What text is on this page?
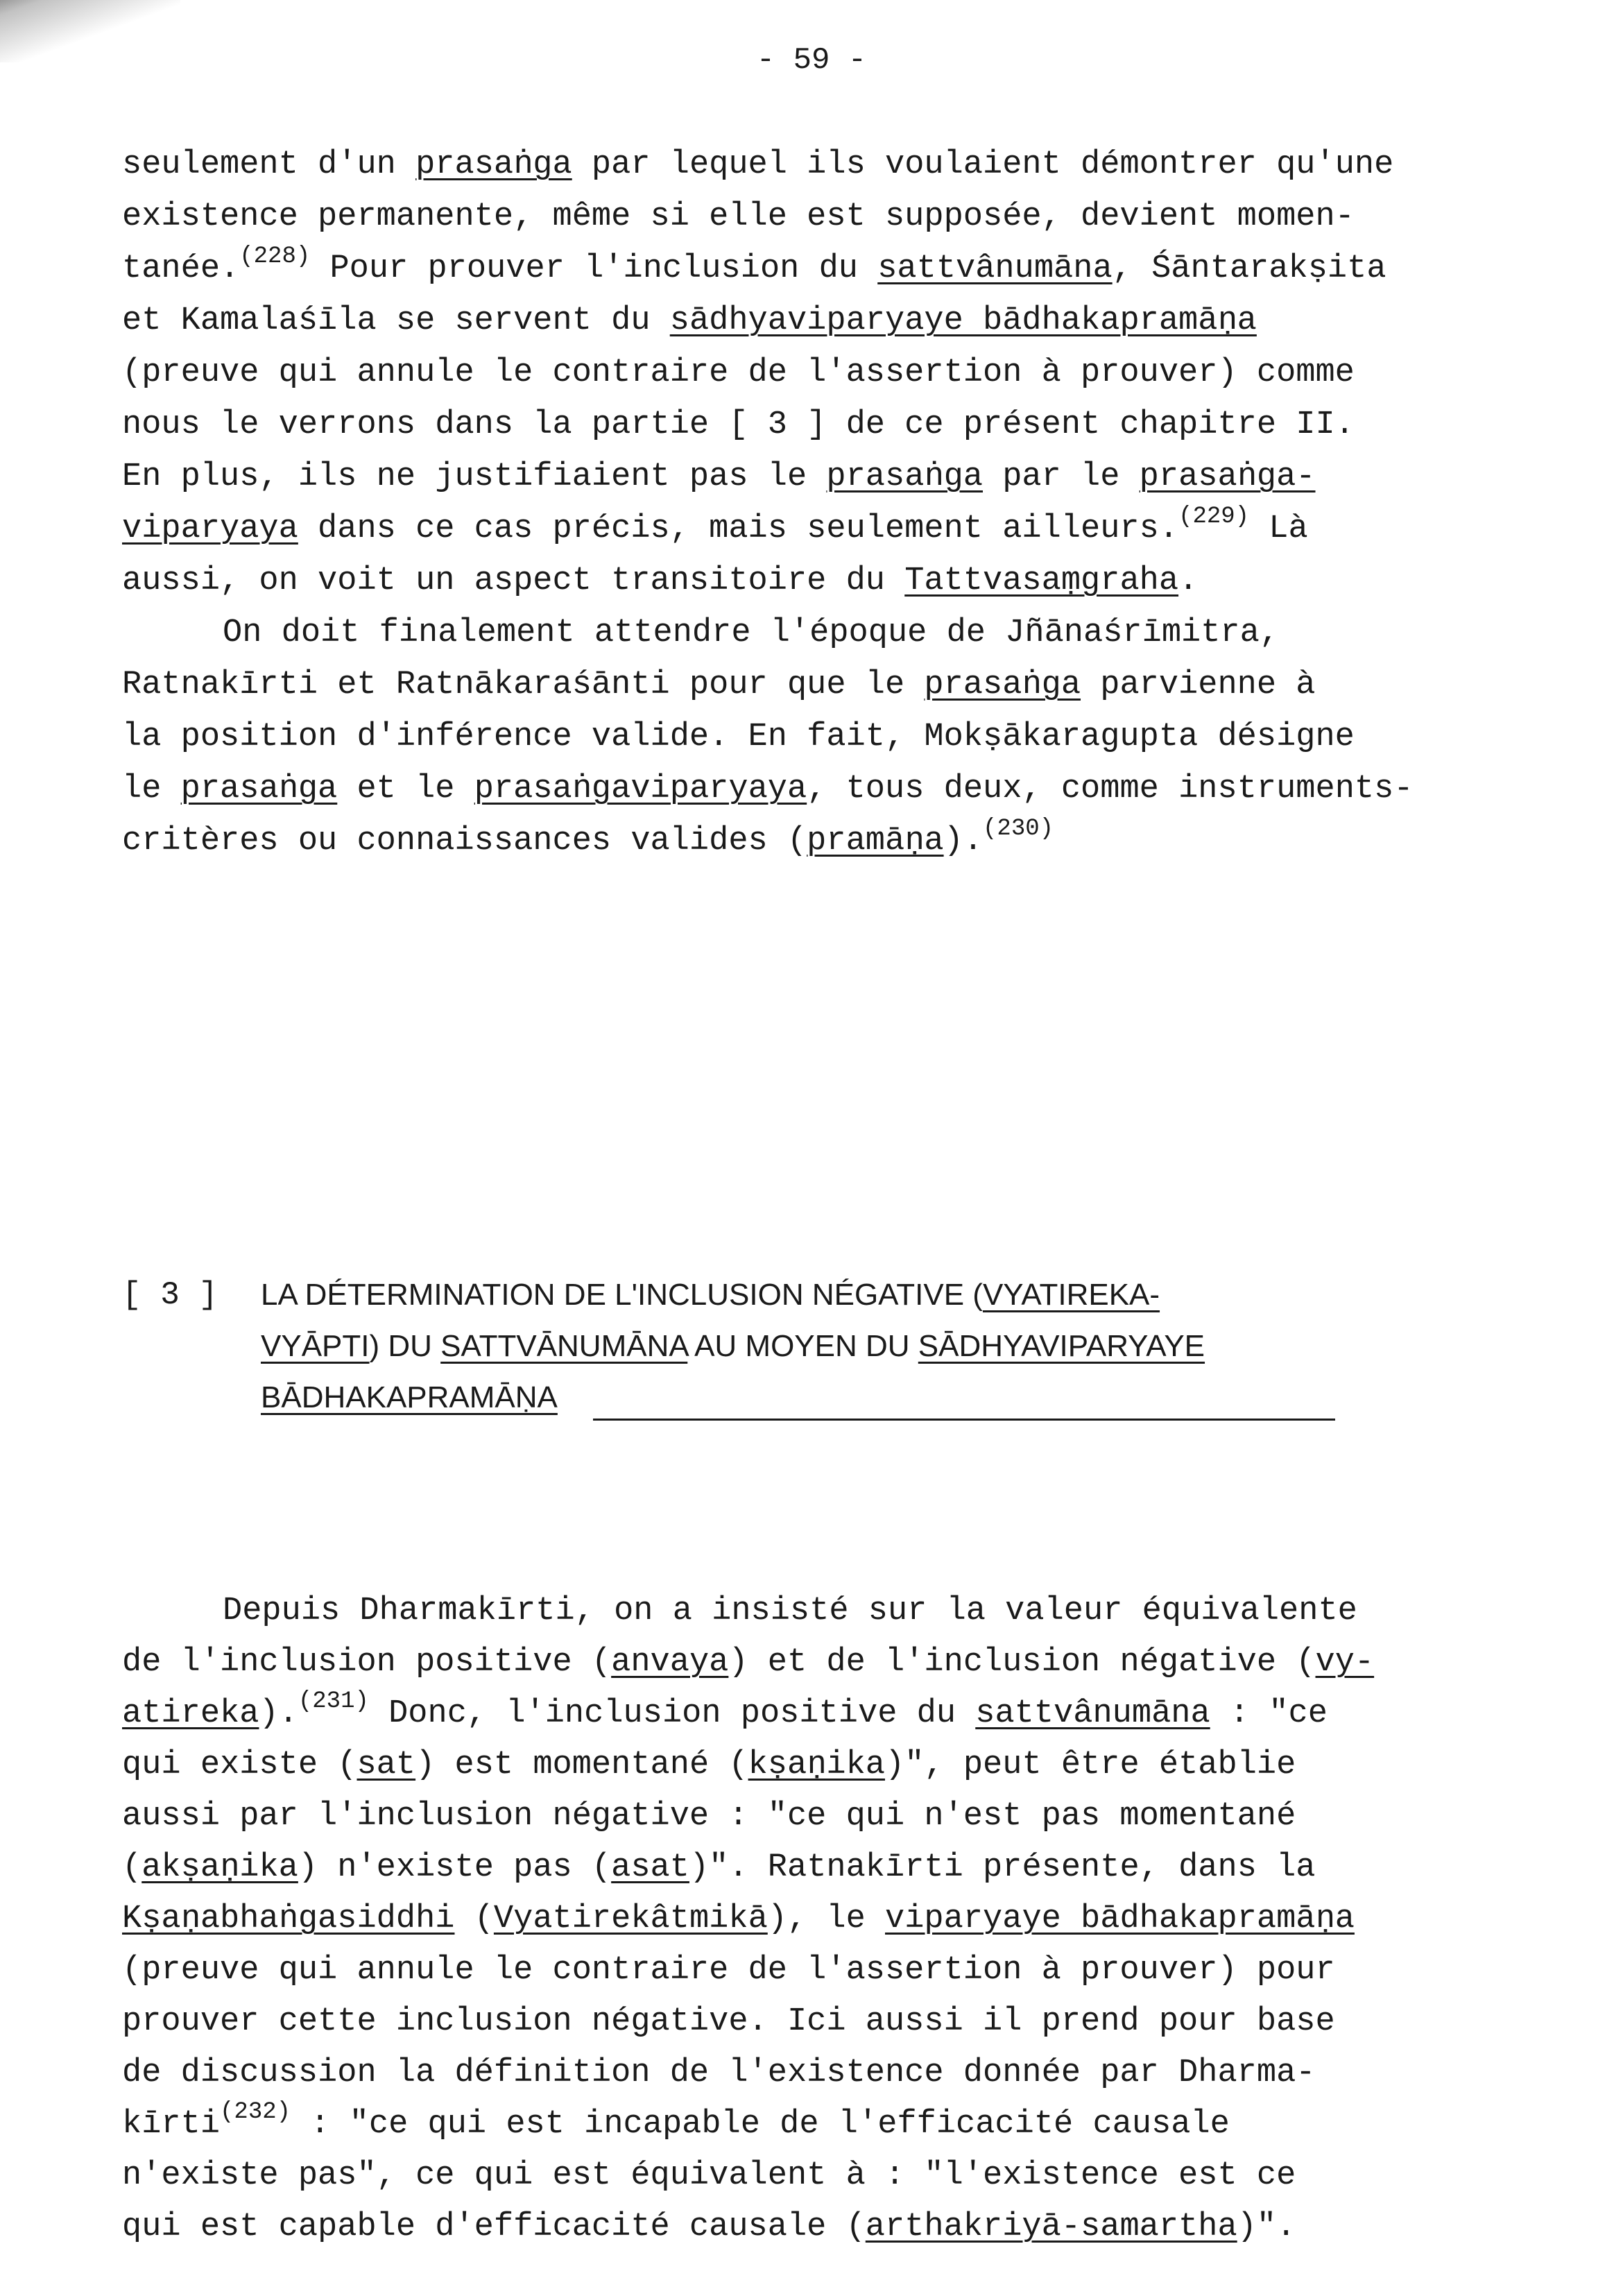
- 59 -
seulement d'un prasaṅga par lequel ils voulaient démontrer qu'une
existence permanente, même si elle est supposée, devient momen-
tanée.$^{(228)}$ Pour prouver l'inclusion du sattvânumāna, Śāntarakṣita
et Kamalaśīla se servent du sādhyaviparyaye bādhakapramāṇa
(preuve qui annule le contraire de l'assertion à prouver) comme
nous le verrons dans la partie [ 3 ] de ce présent chapitre II.
En plus, ils ne justifiaient pas le prasaṅga par le prasaṅga-
viparyaya dans ce cas précis, mais seulement ailleurs.$^{(229)}$ Là
aussi, on voit un aspect transitoire du Tattvasaṃgraha.
On doit finalement attendre l'époque de Jñānaśrīmitra,
Ratnakīrti et Ratnākaraśānti pour que le prasaṅga parvienne à
la position d'inférence valide. En fait, Mokṣākaragupta désigne
le prasaṅga et le prasaṅgaviparyaya, tous deux, comme instruments-
critères ou connaissances valides (pramāṇa).$^{(230)}$
[ 3 ] LA DÉTERMINATION DE L'INCLUSION NÉGATIVE (VYATIREKA-
VYĀPTI) DU SATTVĀNUMĀNA AU MOYEN DU SĀDHYAVIPARYAYE
BĀDHAKAPRAMĀṆA
Depuis Dharmakīrti, on a insisté sur la valeur équivalente
de l'inclusion positive (anvaya) et de l'inclusion négative (vy-
atireka).$^{(231)}$ Donc, l'inclusion positive du sattvânumāna : "ce
qui existe (sat) est momentané (kṣaṇika)", peut être établie
aussi par l'inclusion négative : "ce qui n'est pas momentané
(akṣaṇika) n'existe pas (asat)". Ratnakīrti présente, dans la
Kṣaṇabhaṅgasiddhi (Vyatirekâtmikā), le viparyaye bādhakapramāṇa
(preuve qui annule le contraire de l'assertion à prouver) pour
prouver cette inclusion négative. Ici aussi il prend pour base
de discussion la définition de l'existence donnée par Dharma-
kīrti$^{(232)}$ : "ce qui est incapable de l'efficacité causale
n'existe pas", ce qui est équivalent à : "l'existence est ce
qui est capable d'efficacité causale (arthakriyā-samartha)".
